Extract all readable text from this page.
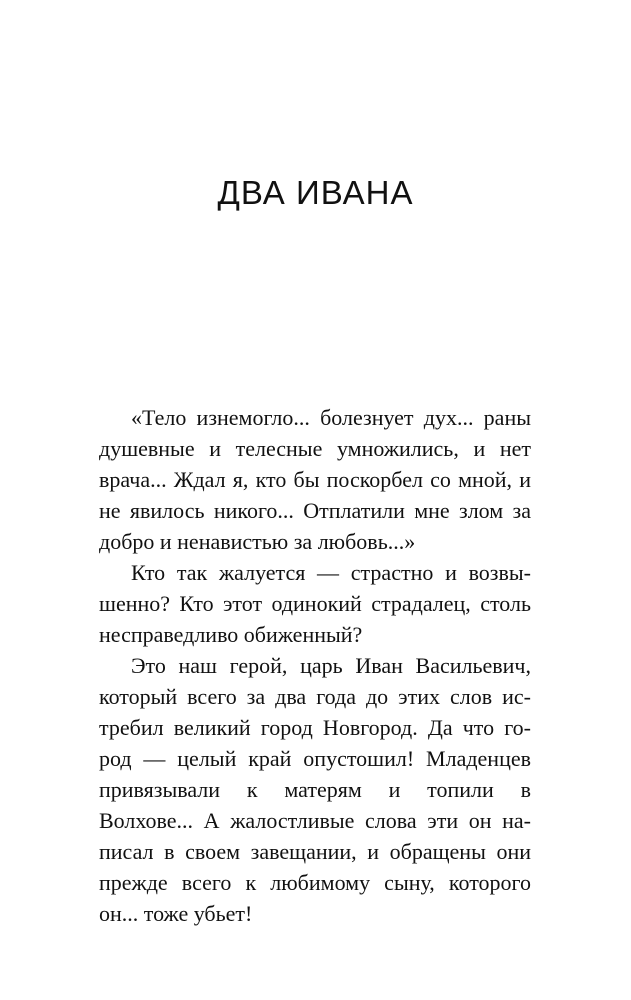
ДВА ИВАНА
«Тело изнемогло... болезнует дух... раны
душевные и телесные умножились, и нет
врача... Ждал я, кто бы поскорбел со мной, и
не явилось никого... Отплатили мне злом за
добро и ненавистью за любовь...»
Кто так жалуется — страстно и возвы-
шенно? Кто этот одинокий страдалец, столь
несправедливо обиженный?
Это наш герой, царь Иван Васильевич,
который всего за два года до этих слов ис-
требил великий город Новгород. Да что го-
род — целый край опустошил! Младенцев
привязывали к матерям и топили в
Волхове... А жалостливые слова эти он на-
писал в своем завещании, и обращены они
прежде всего к любимому сыну, которого
он... тоже убьет!
